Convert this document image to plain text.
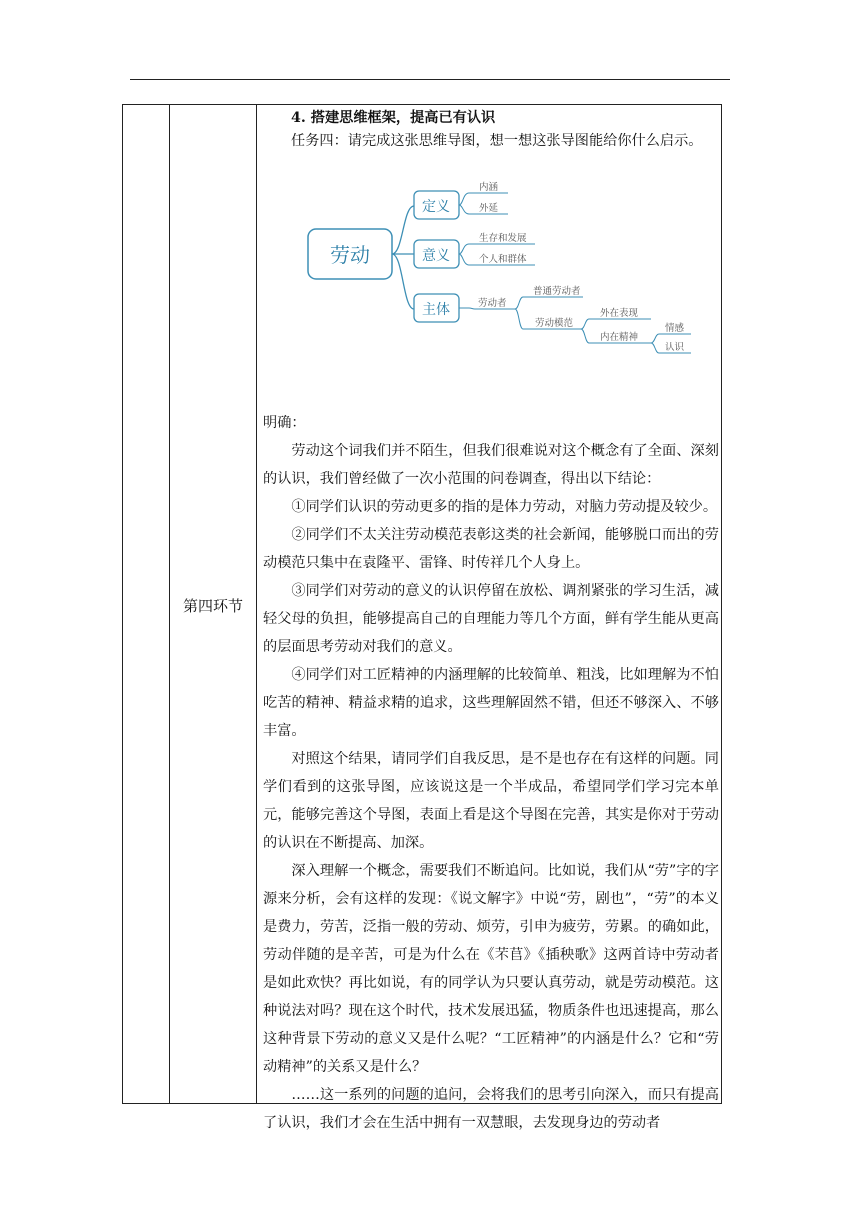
第四环节
4. 搭建思维框架，提高已有认识
任务四：请完成这张思维导图，想一想这张导图能给你什么启示。
劳动
定义
意义
主体
内涵
外延
生存和发展
个人和群体
劳动者
普通劳动者
劳动模范
外在表现
内在精神
情感
认识
明确：
劳动这个词我们并不陌生，但我们很难说对这个概念有了全面、深刻的认识，我们曾经做了一次小范围的问卷调查，得出以下结论：
①同学们认识的劳动更多的指的是体力劳动，对脑力劳动提及较少。
②同学们不太关注劳动模范表彰这类的社会新闻，能够脱口而出的劳动模范只集中在袁隆平、雷锋、时传祥几个人身上。
③同学们对劳动的意义的认识停留在放松、调剂紧张的学习生活，减轻父母的负担，能够提高自己的自理能力等几个方面，鲜有学生能从更高的层面思考劳动对我们的意义。
④同学们对工匠精神的内涵理解的比较简单、粗浅，比如理解为不怕吃苦的精神、精益求精的追求，这些理解固然不错，但还不够深入、不够丰富。
对照这个结果，请同学们自我反思，是不是也存在有这样的问题。同学们看到的这张导图，应该说这是一个半成品，希望同学们学习完本单元，能够完善这个导图，表面上看是这个导图在完善，其实是你对于劳动的认识在不断提高、加深。
深入理解一个概念，需要我们不断追问。比如说，我们从“劳”字的字源来分析，会有这样的发现：《说文解字》中说“劳，剧也”，“劳”的本义是费力，劳苦，泛指一般的劳动、烦劳，引申为疲劳，劳累。的确如此，劳动伴随的是辛苦，可是为什么在《芣苢》《插秧歌》这两首诗中劳动者是如此欢快？再比如说，有的同学认为只要认真劳动，就是劳动模范。这种说法对吗？现在这个时代，技术发展迅猛，物质条件也迅速提高，那么这种背景下劳动的意义又是什么呢？“工匠精神”的内涵是什么？它和“劳动精神”的关系又是什么？
……这一系列的问题的追问，会将我们的思考引向深入，而只有提高了认识，我们才会在生活中拥有一双慧眼，去发现身边的劳动者
